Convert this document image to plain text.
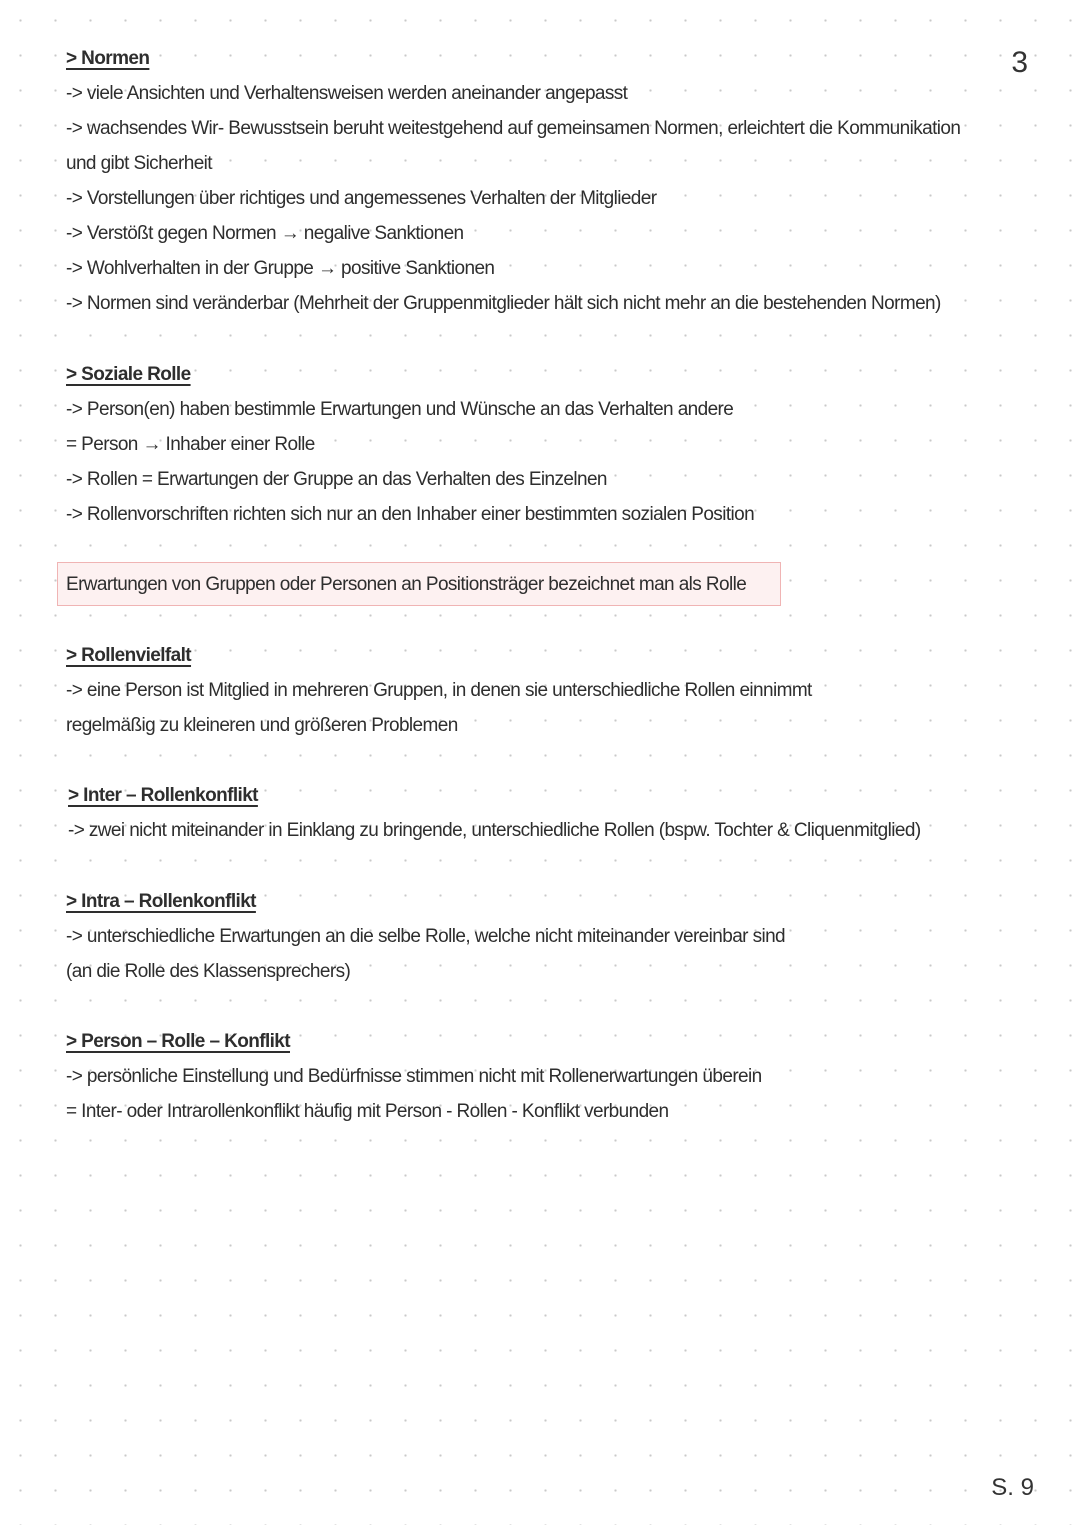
3
> Normen
-> viele Ansichten und Verhaltensweisen werden aneinander angepasst
-> wachsendes Wir- Bewusstsein beruht weitestgehend auf gemeinsamen Normen, erleichtert die Kommunikation
und gibt Sicherheit
-> Vorstellungen über richtiges und angemessenes Verhalten der Mitglieder
-> Verstößt gegen Normen → negalive Sanktionen
-> Wohlverhalten in der Gruppe → positive Sanktionen
-> Normen sind veränderbar (Mehrheit der Gruppenmitglieder hält sich nicht mehr an die bestehenden Normen)
> Soziale Rolle
-> Person(en) haben bestimmle Erwartungen und Wünsche an das Verhalten andere
= Person → Inhaber einer Rolle
-> Rollen = Erwartungen der Gruppe an das Verhalten des Einzelnen
-> Rollenvorschriften richten sich nur an den Inhaber einer bestimmten sozialen Position
Erwartungen von Gruppen oder Personen an Positionsträger bezeichnet man als Rolle
> Rollenvielfalt
-> eine Person ist Mitglied in mehreren Gruppen, in denen sie unterschiedliche Rollen einnimmt
regelmäßig zu kleineren und größeren Problemen
> Inter – Rollenkonflikt
-> zwei nicht miteinander in Einklang zu bringende, unterschiedliche Rollen (bspw. Tochter & Cliquenmitglied)
> Intra – Rollenkonflikt
-> unterschiedliche Erwartungen an die selbe Rolle, welche nicht miteinander vereinbar sind
(an die Rolle des Klassensprechers)
> Person – Rolle – Konflikt
-> persönliche Einstellung und Bedürfnisse stimmen nicht mit Rollenerwartungen überein
= Inter- oder Intrarollenkonflikt häufig mit Person - Rollen - Konflikt verbunden
S. 9
